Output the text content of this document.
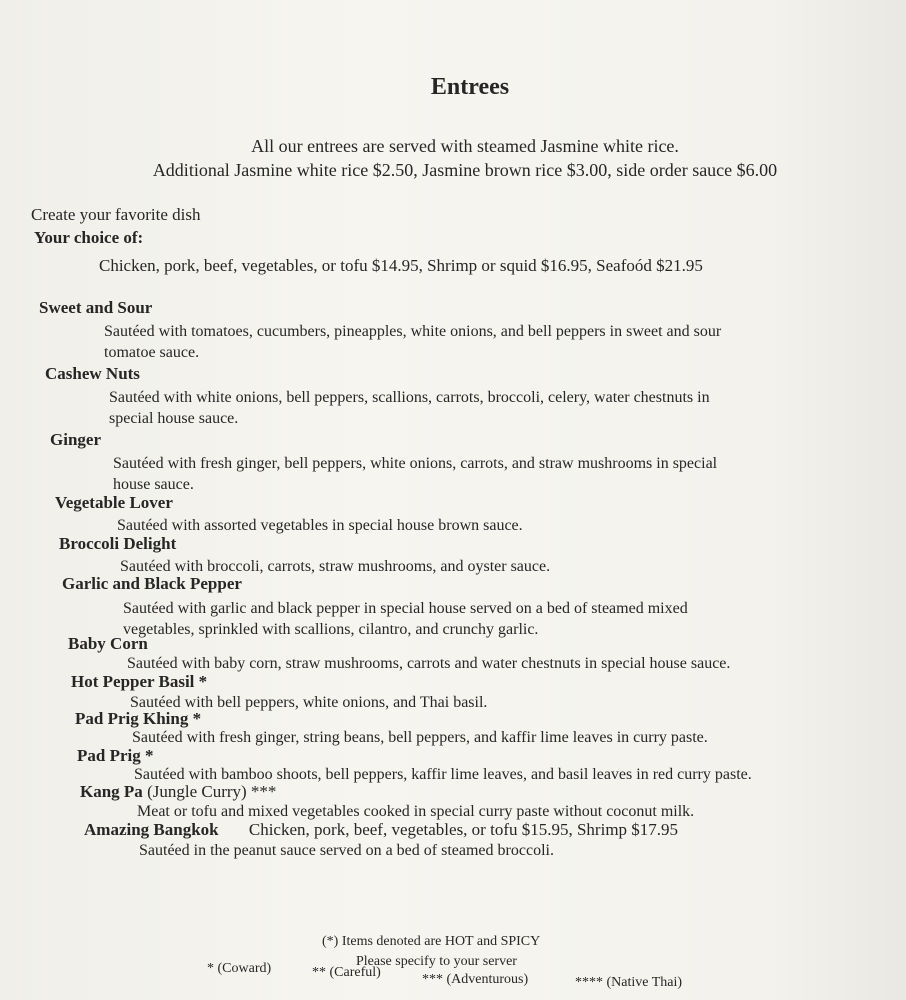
Entrees
All our entrees are served with steamed Jasmine white rice.
Additional Jasmine white rice $2.50, Jasmine brown rice $3.00, side order sauce $6.00
Create your favorite dish
Your choice of:
Chicken, pork, beef, vegetables, or tofu $14.95, Shrimp or squid $16.95, Seafoód $21.95
Sweet and Sour
Sautéed with tomatoes, cucumbers, pineapples, white onions, and bell peppers in sweet and sour
tomatoe sauce.
Cashew Nuts
Sautéed with white onions, bell peppers, scallions, carrots, broccoli, celery, water chestnuts in
special house sauce.
Ginger
Sautéed with fresh ginger, bell peppers, white onions, carrots, and straw mushrooms in special
house sauce.
Vegetable Lover
Sautéed with assorted vegetables in special house brown sauce.
Broccoli Delight
Sautéed with broccoli, carrots, straw mushrooms, and oyster sauce.
Garlic and Black Pepper
Sautéed with garlic and black pepper in special house served on a bed of steamed mixed
vegetables, sprinkled with scallions, cilantro, and crunchy garlic.
Baby Corn
Sautéed with baby corn, straw mushrooms, carrots and water chestnuts in special house sauce.
Hot Pepper Basil *
Sautéed with bell peppers, white onions, and Thai basil.
Pad Prig Khing *
Sautéed with fresh ginger, string beans, bell peppers, and kaffir lime leaves in curry paste.
Pad Prig *
Sautéed with bamboo shoots, bell peppers, kaffir lime leaves, and basil leaves in red curry paste.
Kang Pa (Jungle Curry) ***
Meat or tofu and mixed vegetables cooked in special curry paste without coconut milk.
Amazing Bangkok Chicken, pork, beef, vegetables, or tofu $15.95, Shrimp $17.95
Sautéed in the peanut sauce served on a bed of steamed broccoli.
(*) Items denoted are HOT and SPICY
Please specify to your server
* (Coward)	** (Careful)	*** (Adventurous)	**** (Native Thai)
